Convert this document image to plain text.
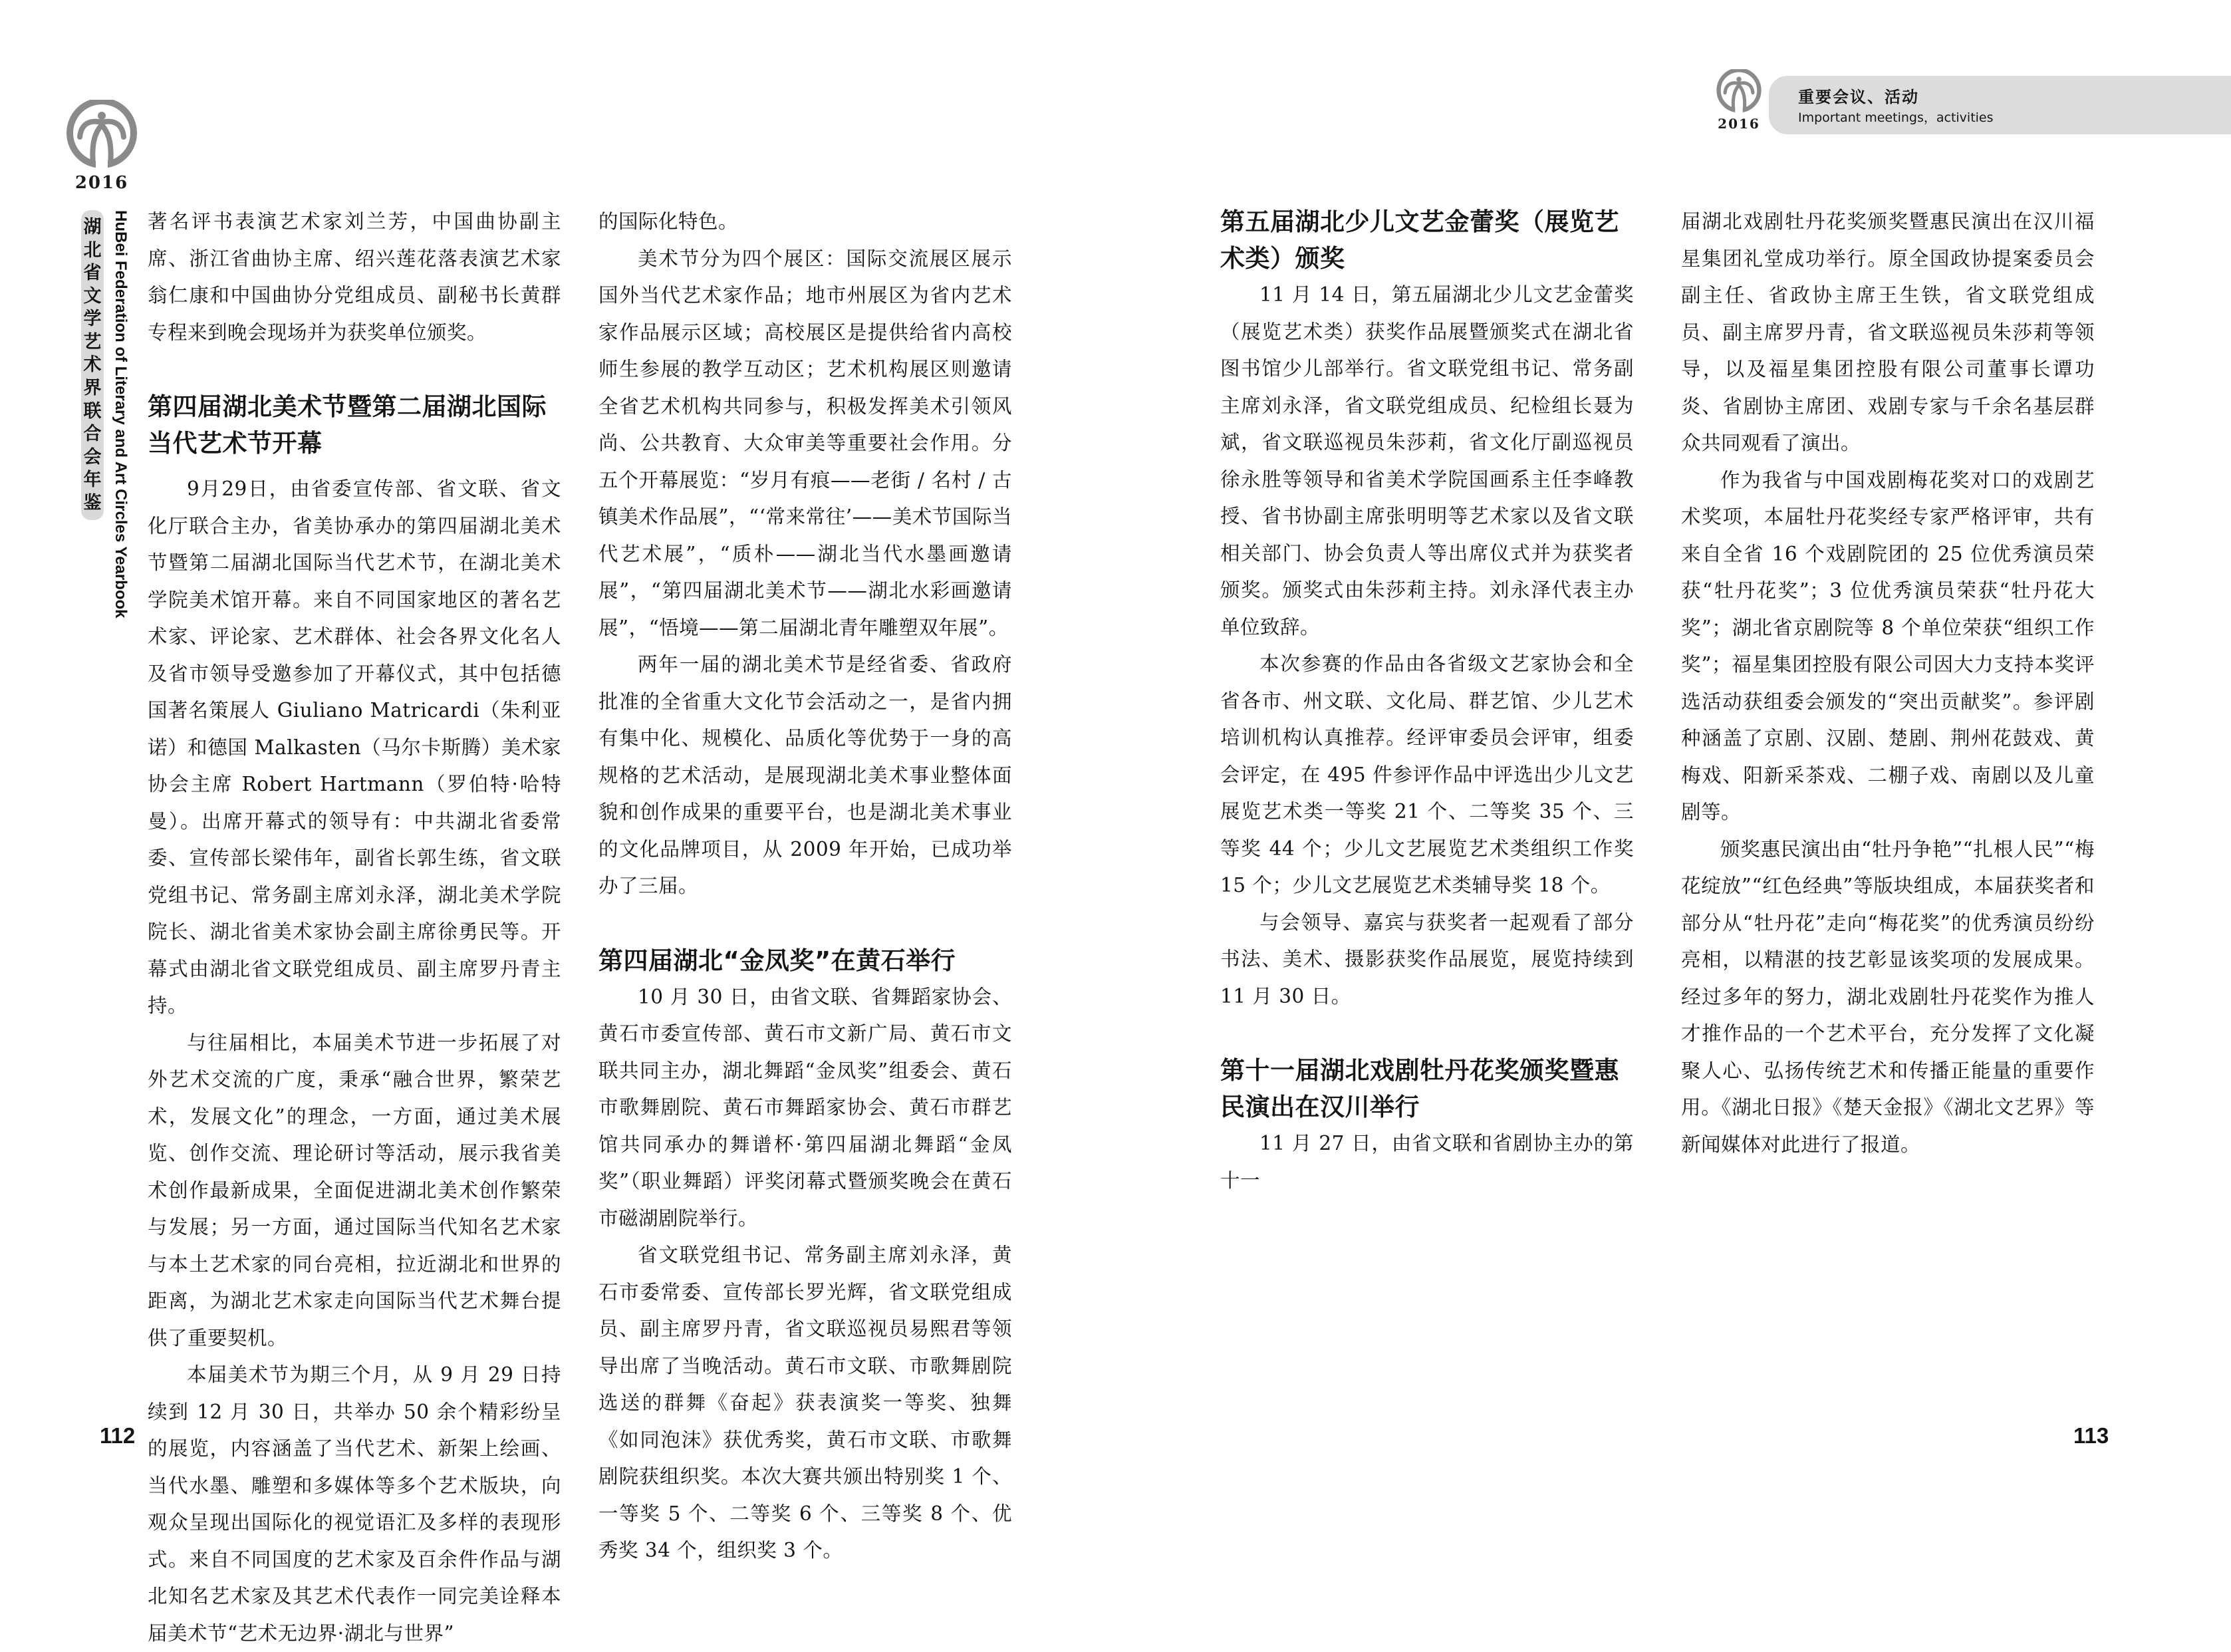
2016
湖
北
省
文
学
艺
术
界
联
合
会
年
鉴 HuBei Federation of Literary and Art Circles Yearbook 著名评书表演艺术家刘兰芳，中国曲协副主席、浙江省曲协主席、绍兴莲花落表演艺术家翁仁康和中国曲协分党组成员、副秘书长黄群专程来到晚会现场并为获奖单位颁奖。

第四届湖北美术节暨第二届湖北国际当代艺术节开幕

9月29日，由省委宣传部、省文联、省文化厅联合主办，省美协承办的第四届湖北美术节暨第二届湖北国际当代艺术节，在湖北美术学院美术馆开幕。来自不同国家地区的著名艺术家、评论家、艺术群体、社会各界文化名人及省市领导受邀参加了开幕仪式，其中包括德国著名策展人 Giuliano Matricardi（朱利亚诺）和德国 Malkasten（马尔卡斯腾）美术家协会主席 Robert Hartmann（罗伯特·哈特曼）。出席开幕式的领导有：中共湖北省委常委、宣传部长梁伟年，副省长郭生练，省文联党组书记、常务副主席刘永泽，湖北美术学院院长、湖北省美术家协会副主席徐勇民等。开幕式由湖北省文联党组成员、副主席罗丹青主持。

与往届相比，本届美术节进一步拓展了对外艺术交流的广度，秉承“融合世界，繁荣艺术，发展文化”的理念，一方面，通过美术展览、创作交流、理论研讨等活动，展示我省美术创作最新成果，全面促进湖北美术创作繁荣与发展；另一方面，通过国际当代知名艺术家与本土艺术家的同台亮相，拉近湖北和世界的距离，为湖北艺术家走向国际当代艺术舞台提供了重要契机。

本届美术节为期三个月，从 9 月 29 日持续到 12 月 30 日，共举办 50 余个精彩纷呈的展览，内容涵盖了当代艺术、新架上绘画、当代水墨、雕塑和多媒体等多个艺术版块，向观众呈现出国际化的视觉语汇及多样的表现形式。来自不同国度的艺术家及百余件作品与湖北知名艺术家及其艺术代表作一同完美诠释本届美术节“艺术无边界·湖北与世界”

的国际化特色。

美术节分为四个展区：国际交流展区展示国外当代艺术家作品；地市州展区为省内艺术家作品展示区域；高校展区是提供给省内高校师生参展的教学互动区；艺术机构展区则邀请全省艺术机构共同参与，积极发挥美术引领风尚、公共教育、大众审美等重要社会作用。分五个开幕展览：“岁月有痕——老街 / 名村 / 古镇美术作品展”，“‘常来常往’——美术节国际当代艺术展”，“质朴——湖北当代水墨画邀请展”，“第四届湖北美术节——湖北水彩画邀请展”，“悟境——第二届湖北青年雕塑双年展”。

两年一届的湖北美术节是经省委、省政府批准的全省重大文化节会活动之一，是省内拥有集中化、规模化、品质化等优势于一身的高规格的艺术活动，是展现湖北美术事业整体面貌和创作成果的重要平台，也是湖北美术事业的文化品牌项目，从 2009 年开始，已成功举办了三届。

第四届湖北“金凤奖”在黄石举行

10 月 30 日，由省文联、省舞蹈家协会、黄石市委宣传部、黄石市文新广局、黄石市文联共同主办，湖北舞蹈“金凤奖”组委会、黄石市歌舞剧院、黄石市舞蹈家协会、黄石市群艺馆共同承办的舞谱杯·第四届湖北舞蹈“金凤奖”（职业舞蹈）评奖闭幕式暨颁奖晚会在黄石市磁湖剧院举行。

省文联党组书记、常务副主席刘永泽，黄石市委常委、宣传部长罗光辉，省文联党组成员、副主席罗丹青，省文联巡视员易熙君等领导出席了当晚活动。黄石市文联、市歌舞剧院选送的群舞《奋起》获表演奖一等奖、独舞《如同泡沫》获优秀奖，黄石市文联、市歌舞剧院获组织奖。本次大赛共颁出特别奖 1 个、一等奖 5 个、二等奖 6 个、三等奖 8 个、优秀奖 34 个，组织奖 3 个。

112
2016
重要会议、活动
Important meetings，activities
第五届湖北少儿文艺金蕾奖（展览艺术类）颁奖

11 月 14 日，第五届湖北少儿文艺金蕾奖（展览艺术类）获奖作品展暨颁奖式在湖北省图书馆少儿部举行。省文联党组书记、常务副主席刘永泽，省文联党组成员、纪检组长聂为斌，省文联巡视员朱莎莉，省文化厅副巡视员徐永胜等领导和省美术学院国画系主任李峰教授、省书协副主席张明明等艺术家以及省文联相关部门、协会负责人等出席仪式并为获奖者颁奖。颁奖式由朱莎莉主持。刘永泽代表主办单位致辞。

本次参赛的作品由各省级文艺家协会和全省各市、州文联、文化局、群艺馆、少儿艺术培训机构认真推荐。经评审委员会评审，组委会评定，在 495 件参评作品中评选出少儿文艺展览艺术类一等奖 21 个、二等奖 35 个、三等奖 44 个；少儿文艺展览艺术类组织工作奖 15 个；少儿文艺展览艺术类辅导奖 18 个。

与会领导、嘉宾与获奖者一起观看了部分书法、美术、摄影获奖作品展览，展览持续到 11 月 30 日。

第十一届湖北戏剧牡丹花奖颁奖暨惠民演出在汉川举行

11 月 27 日，由省文联和省剧协主办的第十一

届湖北戏剧牡丹花奖颁奖暨惠民演出在汉川福星集团礼堂成功举行。原全国政协提案委员会副主任、省政协主席王生铁，省文联党组成员、副主席罗丹青，省文联巡视员朱莎莉等领导，以及福星集团控股有限公司董事长谭功炎、省剧协主席团、戏剧专家与千余名基层群众共同观看了演出。

作为我省与中国戏剧梅花奖对口的戏剧艺术奖项，本届牡丹花奖经专家严格评审，共有来自全省 16 个戏剧院团的 25 位优秀演员荣获“牡丹花奖”；3 位优秀演员荣获“牡丹花大奖”；湖北省京剧院等 8 个单位荣获“组织工作奖”；福星集团控股有限公司因大力支持本奖评选活动获组委会颁发的“突出贡献奖”。参评剧种涵盖了京剧、汉剧、楚剧、荆州花鼓戏、黄梅戏、阳新采茶戏、二棚子戏、南剧以及儿童剧等。

颁奖惠民演出由“牡丹争艳”“扎根人民”“梅花绽放”“红色经典”等版块组成，本届获奖者和部分从“牡丹花”走向“梅花奖”的优秀演员纷纷亮相，以精湛的技艺彰显该奖项的发展成果。经过多年的努力，湖北戏剧牡丹花奖作为推人才推作品的一个艺术平台，充分发挥了文化凝聚人心、弘扬传统艺术和传播正能量的重要作用。《湖北日报》《楚天金报》《湖北文艺界》等新闻媒体对此进行了报道。

113
